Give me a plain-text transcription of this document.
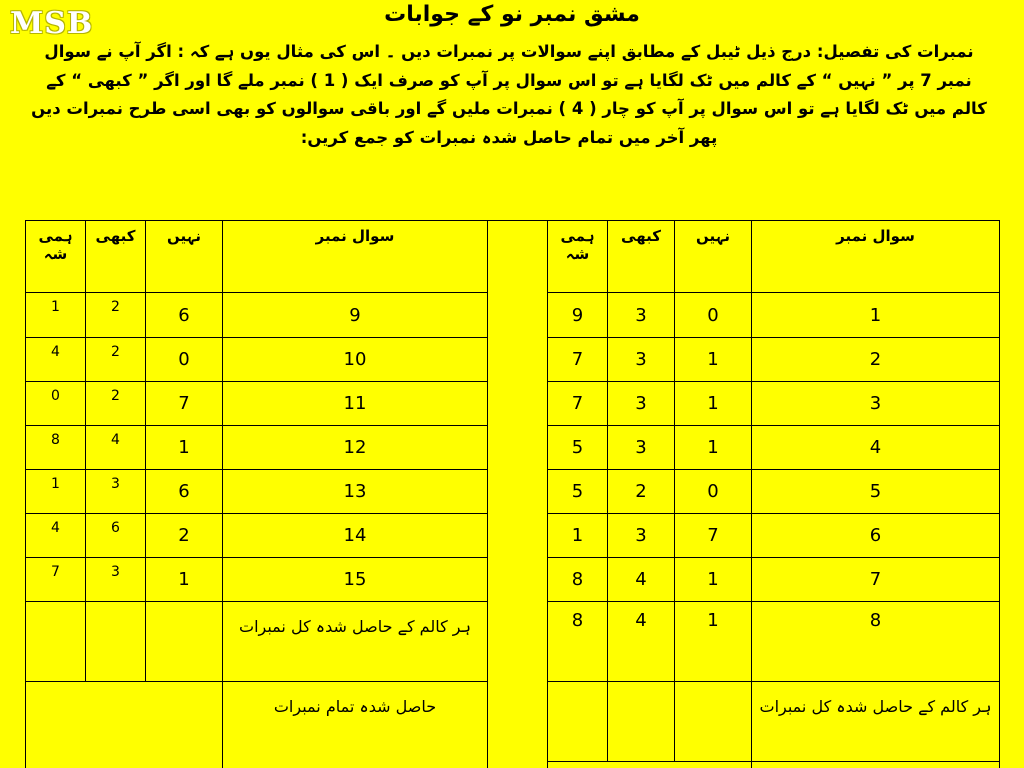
MSB	مشق نمبر نو کے جوابات
نمبرات کی تفصیل: درج ذیل ٹیبل کے مطابق اپنے سوالات پر نمبرات دیں ۔ اس کی مثال یوں ہے کہ : اگر آپ نے سوال نمبر 7 پر ” نہیں “ کے کالم میں ٹک لگایا ہے تو اس سوال پر آپ کو صرف ایک ( 1 ) نمبر ملے گا اور اگر ” کبھی “ کے کالم میں ٹک لگایا ہے تو اس سوال پر آپ کو چار ( 4 ) نمبرات ملیں گے اور باقی سوالوں کو بھی اسی طرح نمبرات دیں پھر آخر میں تمام حاصل شدہ نمبرات کو جمع کریں:
ہمی شہ	کبھی	نہیں	سوال نمبر
1	2	6	9
4	2	0	10
0	2	7	11
8	4	1	12
1	3	6	13
4	6	2	14
7	3	1	15
			ہر کالم کے حاصل شدہ کل نمبرات
			حاصل شدہ تمام نمبرات
ہمی شہ	کبھی	نہیں	سوال نمبر
9	3	0	1
7	3	1	2
7	3	1	3
5	3	1	4
5	2	0	5
1	3	7	6
8	4	1	7
8	4	1	8
			ہر کالم کے حاصل شدہ کل نمبرات
